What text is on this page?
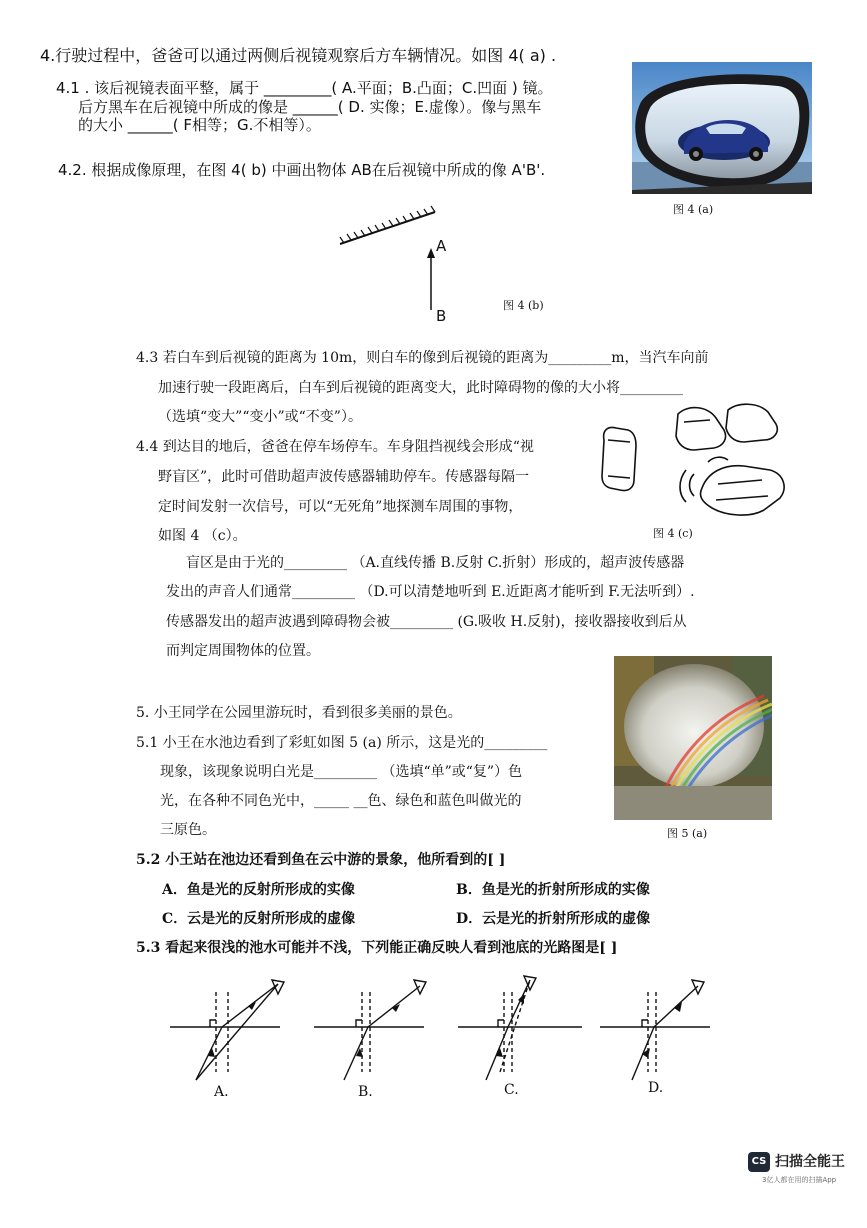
4.行驶过程中，爸爸可以通过两侧后视镜观察后方车辆情况。如图 4( a) .
4.1 . 该后视镜表面平整，属于 _________( A.平面；B.凸面；C.凹面 ) 镜。
后方黑车在后视镜中所成的像是 ______( D. 实像；E.虚像）。像与黑车
的大小 ______( F相等；G.不相等）。
4.2. 根据成像原理，在图 4( b) 中画出物体 AB在后视镜中所成的像 A'B'.
图 4 (a)
A
B
图 4 (b)
4.3 若白车到后视镜的距离为 10m，则白车的像到后视镜的距离为_________m，当汽车向前
加速行驶一段距离后，白车到后视镜的距离变大，此时障碍物的像的大小将_________
（选填“变大”“变小”或“不变”）。
4.4 到达目的地后，爸爸在停车场停车。车身阻挡视线会形成“视
野盲区”，此时可借助超声波传感器辅助停车。传感器每隔一
定时间发射一次信号，可以“无死角”地探测车周围的事物，
如图 4 （c）。	图 4 (c)
盲区是由于光的_________ （A.直线传播 B.反射 C.折射）形成的，超声波传感器
发出的声音人们通常_________ （D.可以清楚地听到 E.近距离才能听到 F.无法听到）.
传感器发出的超声波遇到障碍物会被_________ (G.吸收 H.反射)，接收器接收到后从
而判定周围物体的位置。
5. 小王同学在公园里游玩时，看到很多美丽的景色。
5.1 小王在水池边看到了彩虹如图 5 (a) 所示，这是光的_________
现象，该现象说明白光是_________ （选填“单”或“复”）色
光，在各种不同色光中，_____ __色、绿色和蓝色叫做光的
三原色。	图 5 (a)
5.2 小王站在池边还看到鱼在云中游的景象，他所看到的[ ]
A．鱼是光的反射所形成的实像	B．鱼是光的折射所形成的实像
C．云是光的反射所形成的虚像	D．云是光的折射所形成的虚像
5.3 看起来很浅的池水可能并不浅，下列能正确反映人看到池底的光路图是[ ]
A.	B.	C.	D.
CS 扫描全能王
3亿人都在用的扫描App
